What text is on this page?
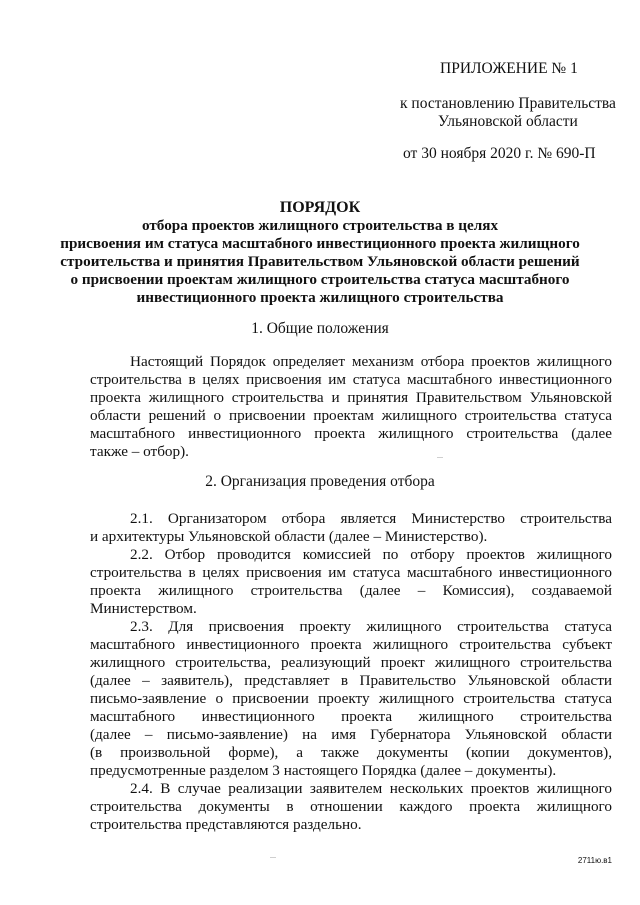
ПРИЛОЖЕНИЕ № 1
к постановлению Правительства
Ульяновской области
от 30 ноября 2020 г. № 690-П
ПОРЯДОК
отбора проектов жилищного строительства в целях
присвоения им статуса масштабного инвестиционного проекта жилищного
строительства и принятия Правительством Ульяновской области решений
о присвоении проектам жилищного строительства статуса масштабного
инвестиционного проекта жилищного строительства
1. Общие положения
Настоящий Порядок определяет механизм отбора проектов жилищного
строительства в целях присвоения им статуса масштабного инвестиционного
проекта жилищного строительства и принятия Правительством Ульяновской
области решений о присвоении проектам жилищного строительства статуса
масштабного инвестиционного проекта жилищного строительства (далее
также – отбор).
2. Организация проведения отбора
2.1. Организатором отбора является Министерство строительства
и архитектуры Ульяновской области (далее – Министерство).
2.2. Отбор проводится комиссией по отбору проектов жилищного
строительства в целях присвоения им статуса масштабного инвестиционного
проекта жилищного строительства (далее – Комиссия), создаваемой
Министерством.
2.3. Для присвоения проекту жилищного строительства статуса
масштабного инвестиционного проекта жилищного строительства субъект
жилищного строительства, реализующий проект жилищного строительства
(далее – заявитель), представляет в Правительство Ульяновской области
письмо-заявление о присвоении проекту жилищного строительства статуса
масштабного инвестиционного проекта жилищного строительства
(далее – письмо-заявление) на имя Губернатора Ульяновской области
(в произвольной форме), а также документы (копии документов),
предусмотренные разделом 3 настоящего Порядка (далее – документы).
2.4. В случае реализации заявителем нескольких проектов жилищного
строительства документы в отношении каждого проекта жилищного
строительства представляются раздельно.
2711ю.в1
